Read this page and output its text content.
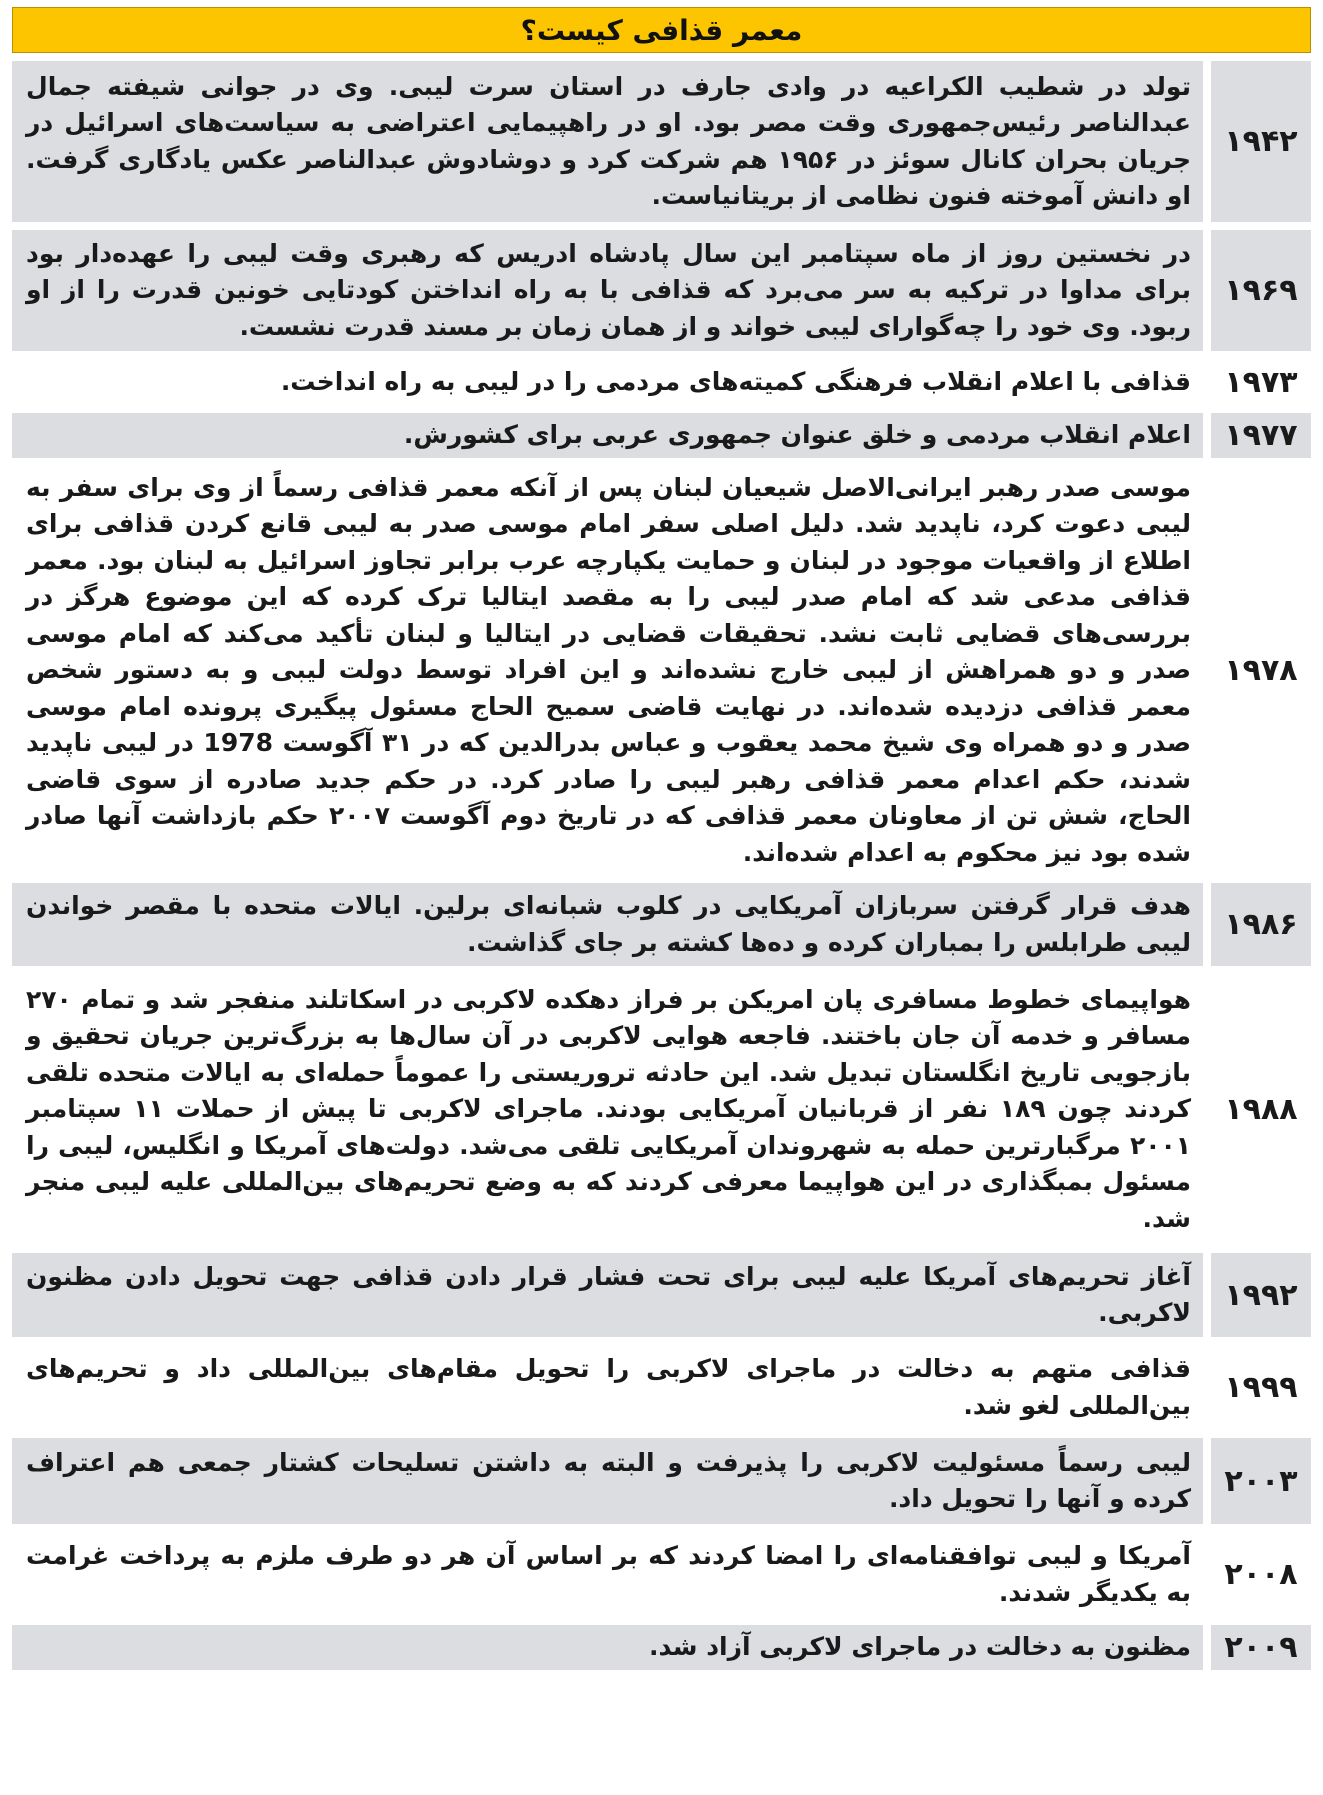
معمر قذافی کیست؟
۱۹۴۲
تولد در شطیب الکراعیه در وادی جارف در استان سرت لیبی. وی در جوانی شیفته جمال عبدالناصر رئیس‌جمهوری وقت مصر بود. او در راهپیمایی اعتراضی به سیاست‌های اسرائیل در جریان بحران کانال سوئز در ۱۹۵۶ هم شرکت کرد و دوشادوش عبدالناصر عکس یادگاری گرفت. او دانش آموخته فنون نظامی از بریتانیاست.
۱۹۶۹
در نخستین روز از ماه سپتامبر این سال پادشاه ادریس که رهبری وقت لیبی را عهده‌دار بود برای مداوا در ترکیه به سر می‌برد که قذافی با به راه انداختن کودتایی خونین قدرت را از او ربود. وی خود را چه‌گوارای لیبی خواند و از همان زمان بر مسند قدرت نشست.
۱۹۷۳
قذافی با اعلام انقلاب فرهنگی کمیته‌های مردمی را در لیبی به راه انداخت.
۱۹۷۷
اعلام انقلاب مردمی و خلق عنوان جمهوری عربی برای کشورش.
۱۹۷۸
موسی صدر رهبر ایرانی‌الاصل شیعیان لبنان پس از آنکه معمر قذافی رسماً از وی برای سفر به لیبی دعوت کرد، ناپدید شد. دلیل اصلی سفر امام موسی صدر به لیبی قانع کردن قذافی برای اطلاع از واقعیات موجود در لبنان و حمایت یکپارچه عرب برابر تجاوز اسرائیل به لبنان بود. معمر قذافی مدعی شد که امام صدر لیبی را به مقصد ایتالیا ترک کرده که این موضوع هرگز در بررسی‌های قضایی ثابت نشد. تحقیقات قضایی در ایتالیا و لبنان تأکید می‌کند که امام موسی صدر و دو همراهش از لیبی خارج نشده‌اند و این افراد توسط دولت لیبی و به دستور شخص معمر قذافی دزدیده شده‌اند. در نهایت قاضی سمیح الحاج مسئول پیگیری پرونده امام موسی صدر و دو همراه وی شیخ محمد یعقوب و عباس بدرالدین که در ۳۱ آگوست 1978 در لیبی ناپدید شدند، حکم اعدام معمر قذافی رهبر لیبی را صادر کرد. در حکم جدید صادره از سوی قاضی الحاج، شش تن از معاونان معمر قذافی که در تاریخ دوم آگوست ۲۰۰۷ حکم بازداشت آنها صادر شده بود نیز محکوم به اعدام شده‌اند.
۱۹۸۶
هدف قرار گرفتن سربازان آمریکایی در کلوب شبانه‌ای برلین. ایالات متحده با مقصر خواندن لیبی طرابلس را بمباران کرده و ده‌ها کشته بر جای گذاشت.
۱۹۸۸
هواپیمای خطوط مسافری پان امریکن بر فراز دهکده لاکربی در اسکاتلند منفجر شد و تمام ۲۷۰ مسافر و خدمه آن جان باختند. فاجعه هوایی لاکربی در آن سال‌ها به بزرگ‌ترین جریان تحقیق و بازجویی تاریخ انگلستان تبدیل شد. این حادثه تروریستی را عموماً حمله‌ای به ایالات متحده تلقی کردند چون ۱۸۹ نفر از قربانیان آمریکایی بودند. ماجرای لاکربی تا پیش از حملات ۱۱ سپتامبر ۲۰۰۱ مرگبارترین حمله به شهروندان آمریکایی تلقی می‌شد. دولت‌های آمریکا و انگلیس، لیبی را مسئول بمبگذاری در این هواپیما معرفی کردند که به وضع تحریم‌های بین‌المللی علیه لیبی منجر شد.
۱۹۹۲
آغاز تحریم‌های آمریکا علیه لیبی برای تحت فشار قرار دادن قذافی جهت تحویل دادن مظنون لاکربی.
۱۹۹۹
قذافی متهم به دخالت در ماجرای لاکربی را تحویل مقام‌های بین‌المللی داد و تحریم‌های بین‌المللی لغو شد.
۲۰۰۳
لیبی رسماً مسئولیت لاکربی را پذیرفت و البته به داشتن تسلیحات کشتار جمعی هم اعتراف کرده و آنها را تحویل داد.
۲۰۰۸
آمریکا و لیبی توافقنامه‌ای را امضا کردند که بر اساس آن هر دو طرف ملزم به پرداخت غرامت به یکدیگر شدند.
۲۰۰۹
مظنون به دخالت در ماجرای لاکربی آزاد شد.
